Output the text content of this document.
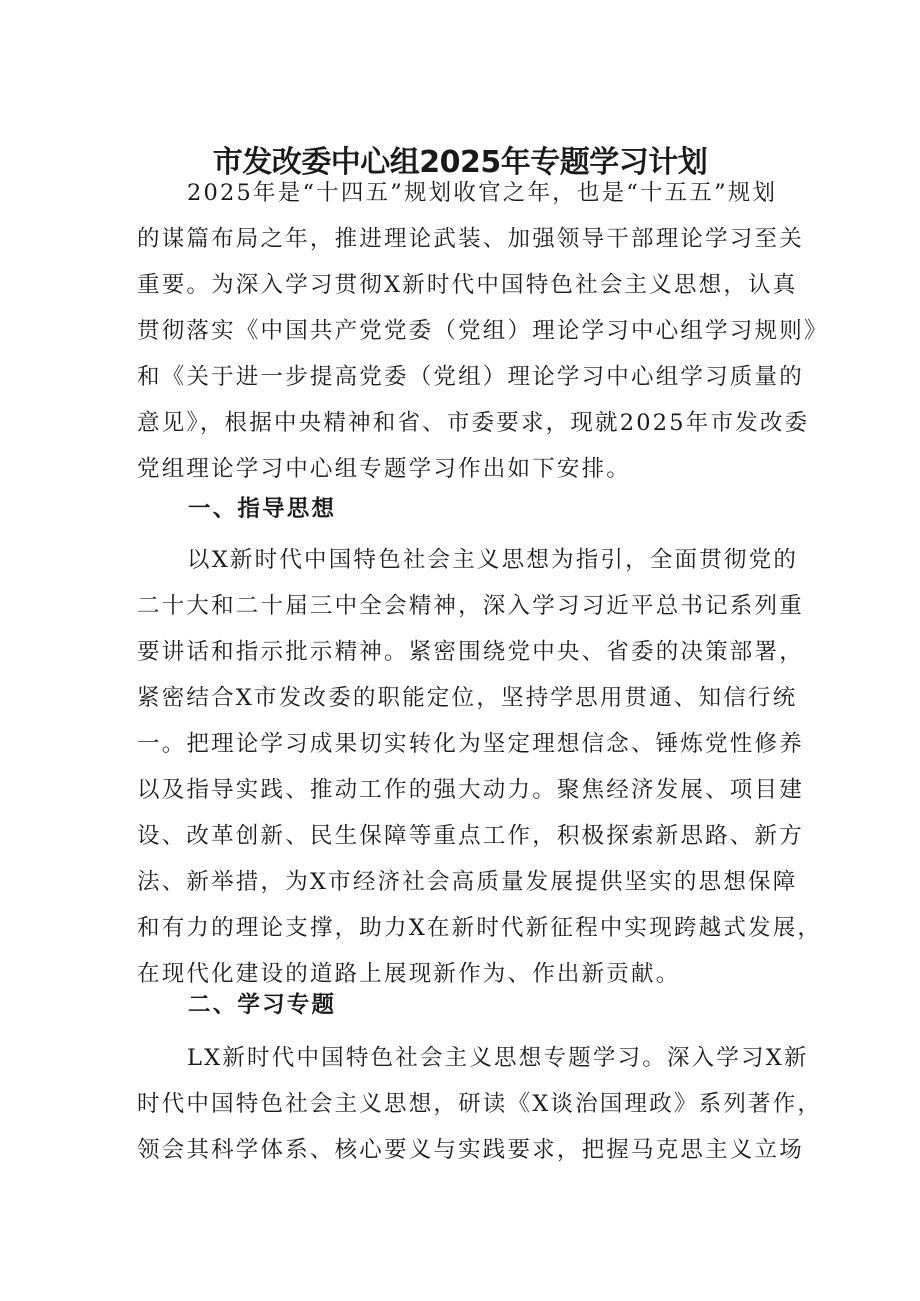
市发改委中心组2025年专题学习计划
2025年是“十四五”规划收官之年，也是“十五五”规划
的谋篇布局之年，推进理论武装、加强领导干部理论学习至关
重要。为深入学习贯彻X新时代中国特色社会主义思想，认真
贯彻落实《中国共产党党委（党组）理论学习中心组学习规则》
和《关于进一步提高党委（党组）理论学习中心组学习质量的
意见》，根据中央精神和省、市委要求，现就2025年市发改委
党组理论学习中心组专题学习作出如下安排。
一、指导思想
以X新时代中国特色社会主义思想为指引，全面贯彻党的
二十大和二十届三中全会精神，深入学习习近平总书记系列重
要讲话和指示批示精神。紧密围绕党中央、省委的决策部署，
紧密结合X市发改委的职能定位，坚持学思用贯通、知信行统
一。把理论学习成果切实转化为坚定理想信念、锤炼党性修养
以及指导实践、推动工作的强大动力。聚焦经济发展、项目建
设、改革创新、民生保障等重点工作，积极探索新思路、新方
法、新举措，为X市经济社会高质量发展提供坚实的思想保障
和有力的理论支撑，助力X在新时代新征程中实现跨越式发展，
在现代化建设的道路上展现新作为、作出新贡献。
二、学习专题
LX新时代中国特色社会主义思想专题学习。深入学习X新
时代中国特色社会主义思想，研读《X谈治国理政》系列著作，
领会其科学体系、核心要义与实践要求，把握马克思主义立场
